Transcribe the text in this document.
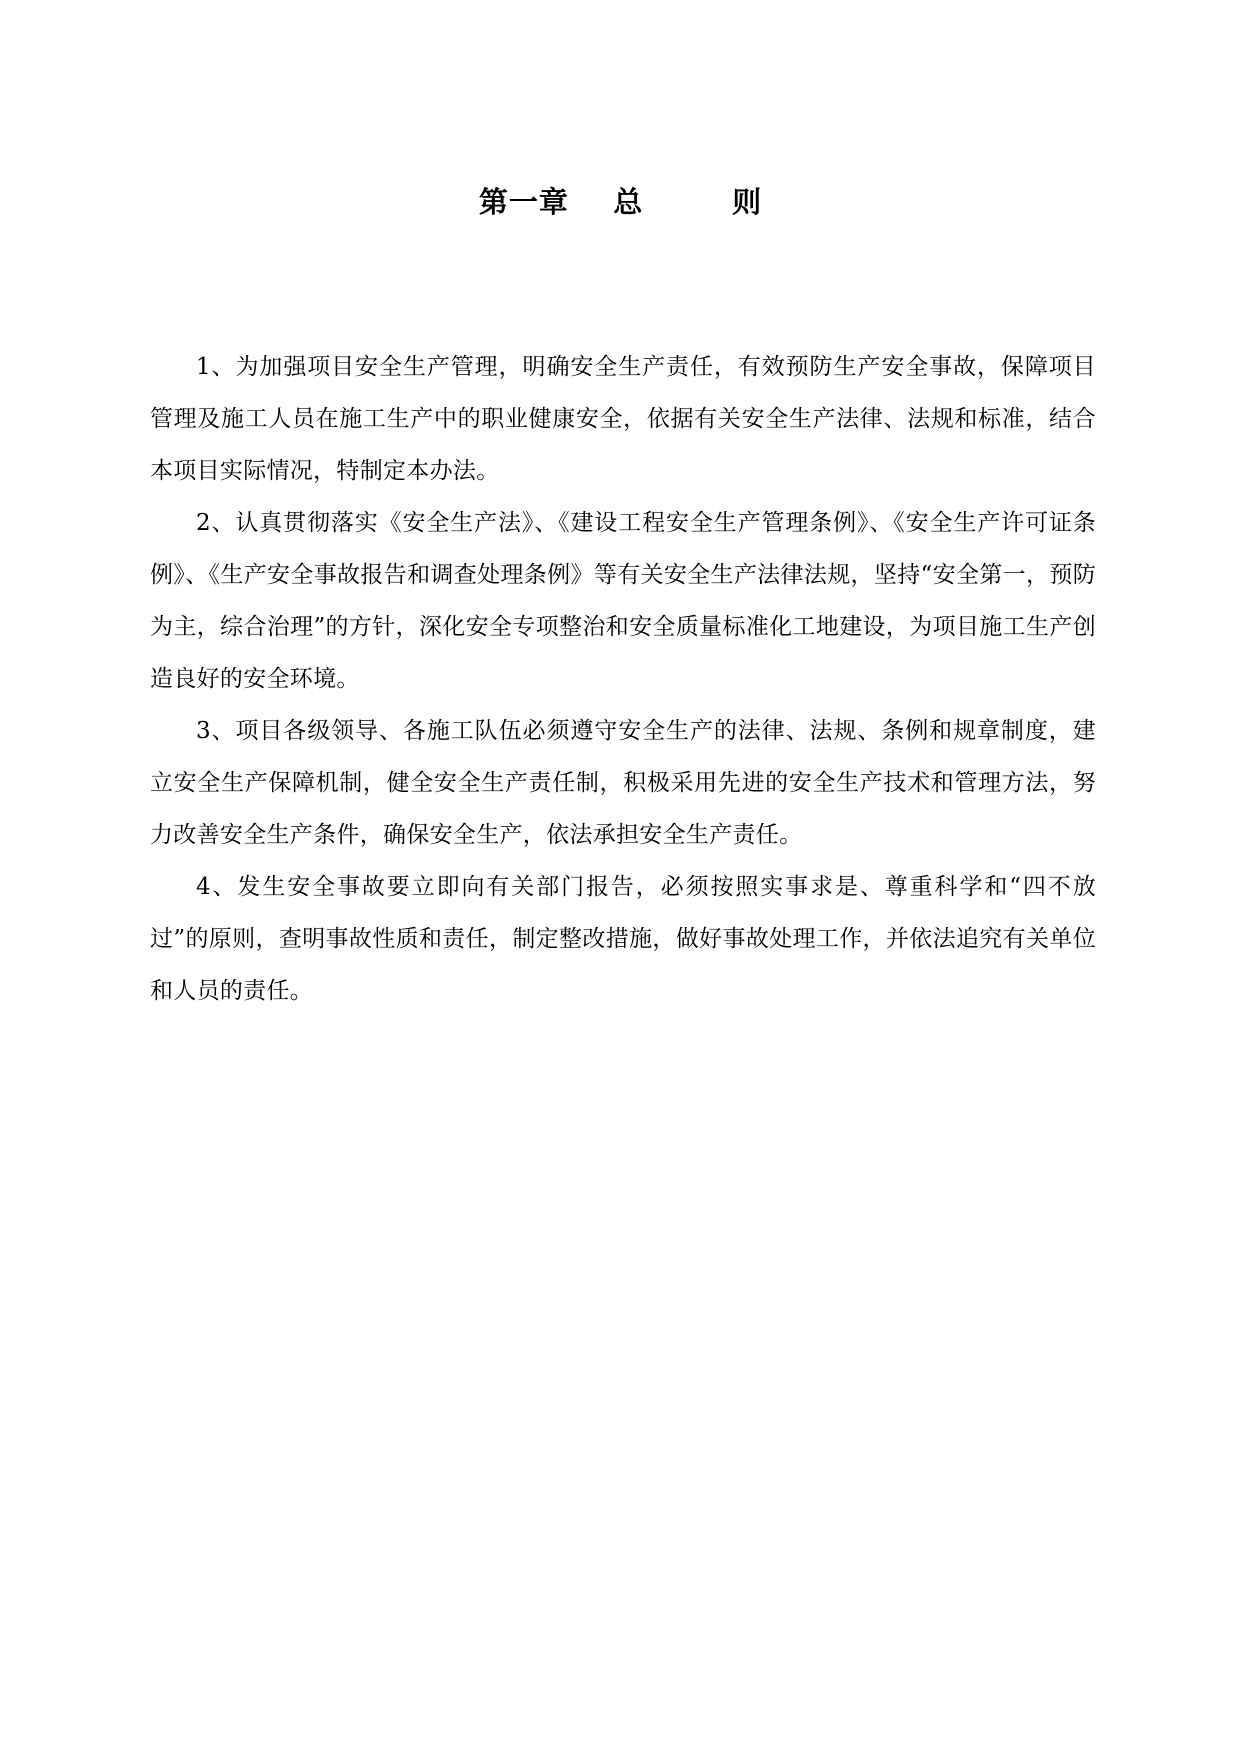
第一章    总        则

1、为加强项目安全生产管理，明确安全生产责任，有效预防生产安全事故，保障项目管理及施工人员在施工生产中的职业健康安全，依据有关安全生产法律、法规和标准，结合本项目实际情况，特制定本办法。

2、认真贯彻落实《安全生产法》、《建设工程安全生产管理条例》、《安全生产许可证条例》、《生产安全事故报告和调查处理条例》等有关安全生产法律法规，坚持“安全第一，预防为主，综合治理”的方针，深化安全专项整治和安全质量标准化工地建设，为项目施工生产创造良好的安全环境。

3、项目各级领导、各施工队伍必须遵守安全生产的法律、法规、条例和规章制度，建立安全生产保障机制，健全安全生产责任制，积极采用先进的安全生产技术和管理方法，努力改善安全生产条件，确保安全生产，依法承担安全生产责任。

4、发生安全事故要立即向有关部门报告，必须按照实事求是、尊重科学和“四不放过”的原则，查明事故性质和责任，制定整改措施，做好事故处理工作，并依法追究有关单位和人员的责任。
